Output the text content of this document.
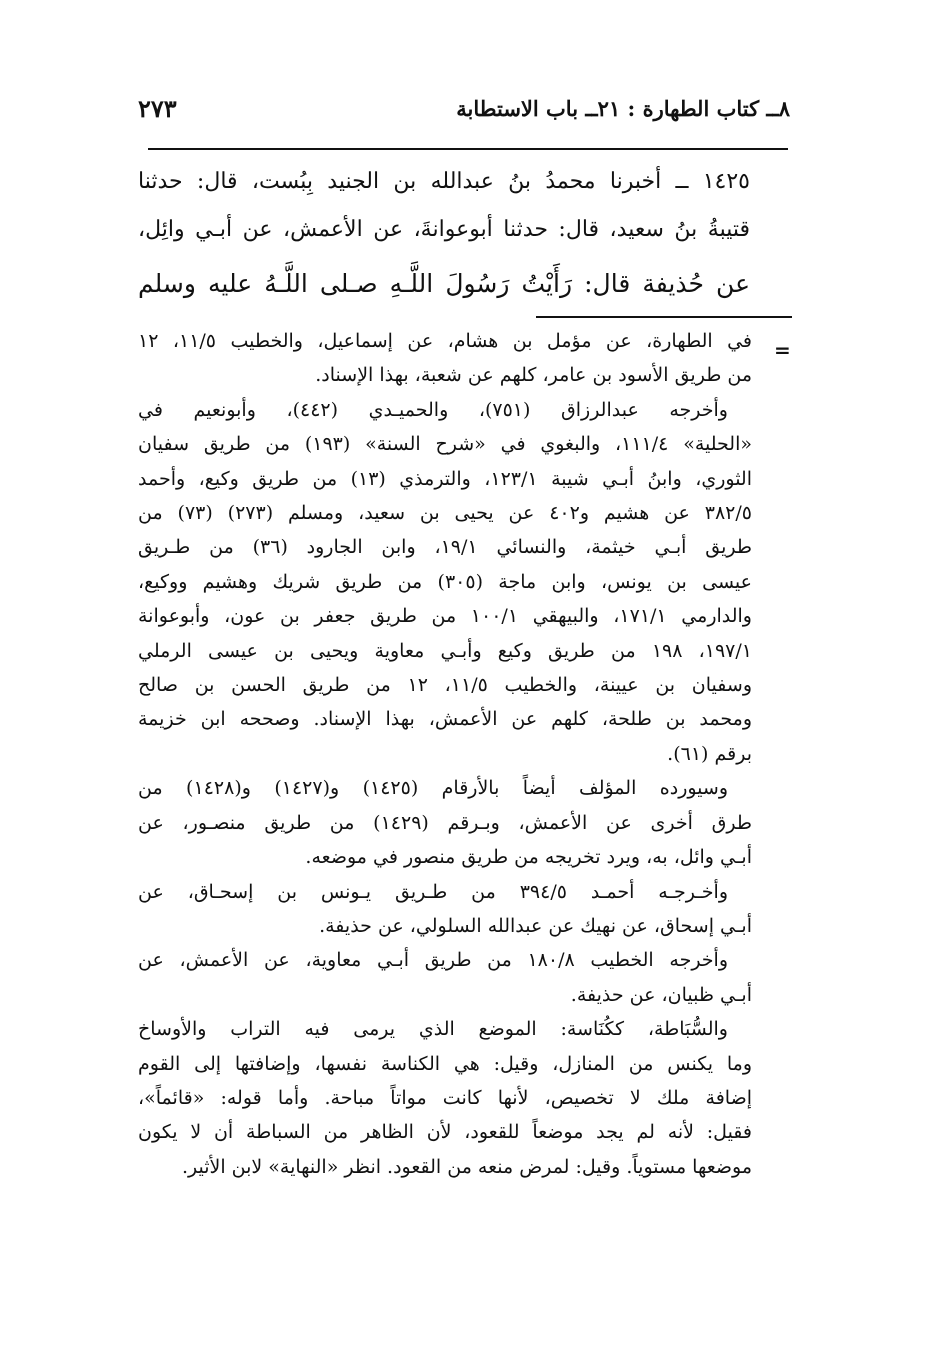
٨ــ كتاب الطهارة : ٢١ــ باب الاستطابة
٢٧٣
١٤٢٥ ــ أخبرنا محمدُ بنُ عبدالله بن الجنيد بِبُست، قال: حدثنا
قتيبةُ بنُ سعيد، قال: حدثنا أبوعوانةَ، عن الأعمش، عن أبـي وائِل،
عن حُذيفة قال: رَأَيْتُ رَسُولَ اللَّـهِ صـلى اللَّـهُ عليه وسلم
=
في الطهارة، عن مؤمل بن هشام، عن إسماعيل، والخطيب ١١/٥، ١٢
من طريق الأسود بن عامر، كلهم عن شعبة، بهذا الإسناد.
وأخرجه عبدالرزاق (٧٥١)، والحميـدي (٤٤٢)، وأبونعيم في
«الحلية» ١١١/٤، والبغوي في «شرح السنة» (١٩٣) من طريق سفيان
الثوري، وابنُ أبـي شيبة ١٢٣/١، والترمذي (١٣) من طريق وكيع، وأحمد
٣٨٢/٥ عن هشيم و٤٠٢ عن يحيى بن سعيد، ومسلم (٢٧٣) (٧٣) من
طريق أبـي خيثمة، والنسائي ١٩/١، وابن الجارود (٣٦) من طـريق
عيسى بن يونس، وابن ماجة (٣٠٥) من طريق شريك وهشيم ووكيع،
والدارمي ١٧١/١، والبيهقي ١٠٠/١ من طريق جعفر بن عون، وأبوعوانة
١٩٧/١، ١٩٨ من طريق وكيع وأبـي معاوية ويحيى بن عيسى الرملي
وسفيان بن عيينة، والخطيب ١١/٥، ١٢ من طريق الحسن بن صالح
ومحمد بن طلحة، كلهم عن الأعمش، بهذا الإسناد. وصححه ابن خزيمة
برقم (٦١).
وسيورده المؤلف أيضاً بالأرقام (١٤٢٥) و(١٤٢٧) و(١٤٢٨) من
طرق أخرى عن الأعمش، وبـرقم (١٤٢٩) من طريق منصـور، عن
أبـي وائل، به، ويرد تخريجه من طريق منصور في موضعه.
وأخـرجـه أحمـد ٣٩٤/٥ من طـريق يـونس بن إسحـاق، عن
أبـي إسحاق، عن نهيك عن عبدالله السلولي، عن حذيفة.
وأخرجه الخطيب ١٨٠/٨ من طريق أبـي معاوية، عن الأعمش، عن
أبـي ظبيان، عن حذيفة.
والسُّبَاطة، ككُنَاسة: الموضع الذي يرمى فيه التراب والأوساخ
وما يكنس من المنازل، وقيل: هي الكناسة نفسها، وإضافتها إلى القوم
إضافة ملك لا تخصيص، لأنها كانت مواتاً مباحة. وأما قوله: «قائماً»،
فقيل: لأنه لم يجد موضعاً للقعود، لأن الظاهر من السباطة أن لا يكون
موضعها مستوياً. وقيل: لمرض منعه من القعود. انظر «النهاية» لابن الأثير.
